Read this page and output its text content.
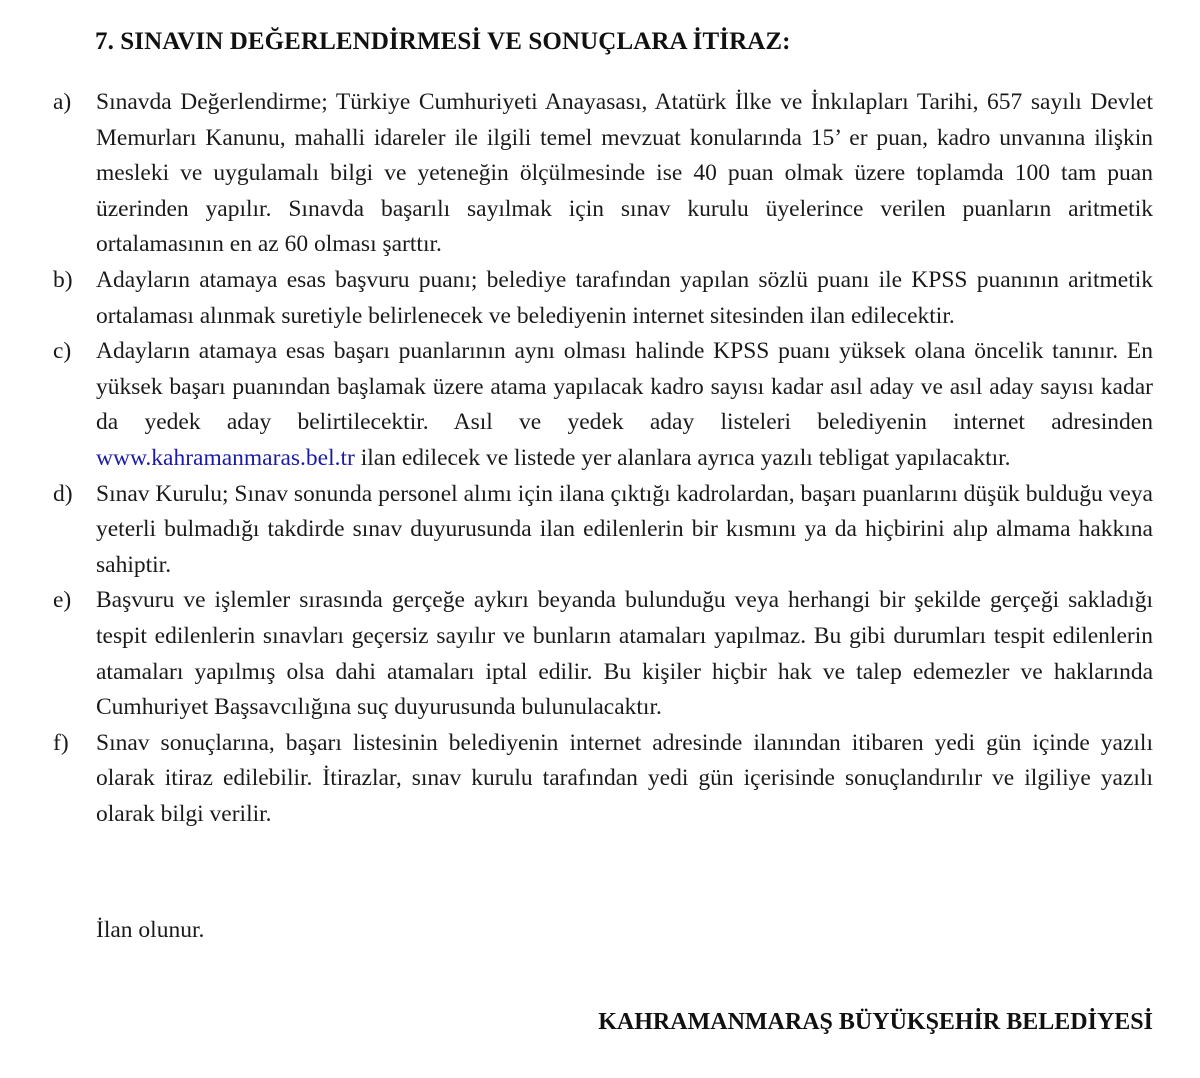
7. SINAVIN DEĞERLENDİRMESİ VE SONUÇLARA İTİRAZ:
a) Sınavda Değerlendirme; Türkiye Cumhuriyeti Anayasası, Atatürk İlke ve İnkılapları Tarihi, 657 sayılı Devlet Memurları Kanunu, mahalli idareler ile ilgili temel mevzuat konularında 15’ er puan, kadro unvanına ilişkin mesleki ve uygulamalı bilgi ve yeteneğin ölçülmesinde ise 40 puan olmak üzere toplamda 100 tam puan üzerinden yapılır. Sınavda başarılı sayılmak için sınav kurulu üyelerince verilen puanların aritmetik ortalamasının en az 60 olması şarttır.
b) Adayların atamaya esas başvuru puanı; belediye tarafından yapılan sözlü puanı ile KPSS puanının aritmetik ortalaması alınmak suretiyle belirlenecek ve belediyenin internet sitesinden ilan edilecektir.
c) Adayların atamaya esas başarı puanlarının aynı olması halinde KPSS puanı yüksek olana öncelik tanınır. En yüksek başarı puanından başlamak üzere atama yapılacak kadro sayısı kadar asıl aday ve asıl aday sayısı kadar da yedek aday belirtilecektir. Asıl ve yedek aday listeleri belediyenin internet adresinden www.kahramanmaras.bel.tr ilan edilecek ve listede yer alanlara ayrıca yazılı tebligat yapılacaktır.
d) Sınav Kurulu; Sınav sonunda personel alımı için ilana çıktığı kadrolardan, başarı puanlarını düşük bulduğu veya yeterli bulmadığı takdirde sınav duyurusunda ilan edilenlerin bir kısmını ya da hiçbirini alıp almama hakkına sahiptir.
e) Başvuru ve işlemler sırasında gerçeğe aykırı beyanda bulunduğu veya herhangi bir şekilde gerçeği sakladığı tespit edilenlerin sınavları geçersiz sayılır ve bunların atamaları yapılmaz. Bu gibi durumları tespit edilenlerin atamaları yapılmış olsa dahi atamaları iptal edilir. Bu kişiler hiçbir hak ve talep edemezler ve haklarında Cumhuriyet Başsavcılığına suç duyurusunda bulunulacaktır.
f) Sınav sonuçlarına, başarı listesinin belediyenin internet adresinde ilanından itibaren yedi gün içinde yazılı olarak itiraz edilebilir. İtirazlar, sınav kurulu tarafından yedi gün içerisinde sonuçlandırılır ve ilgiliye yazılı olarak bilgi verilir.

İlan olunur.

KAHRAMANMARAŞ BÜYÜKŞEHİR BELEDİYESİ
